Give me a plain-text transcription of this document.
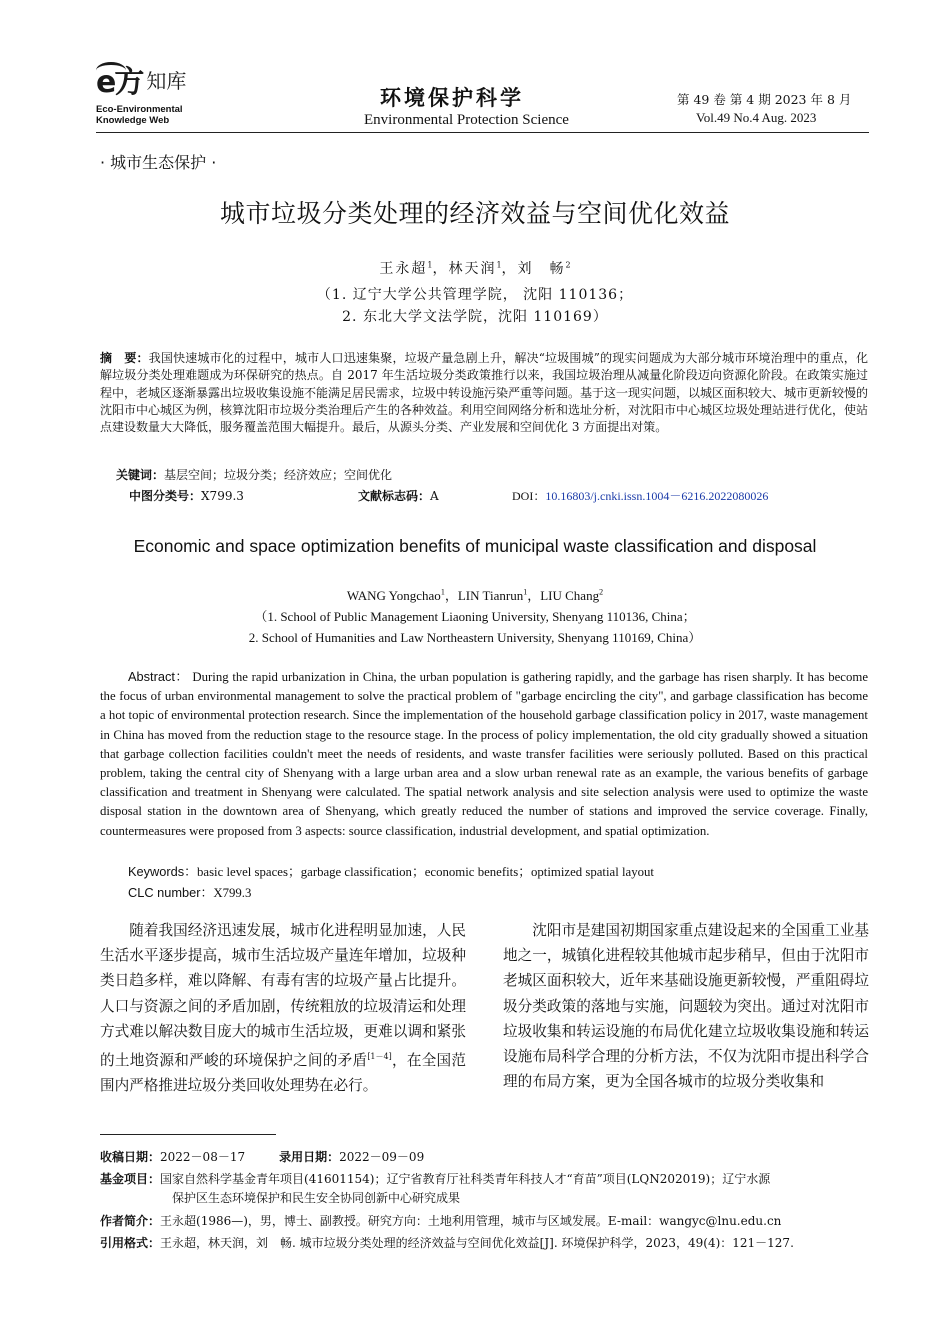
e方 知库
Eco-Environmental
Knowledge Web
环境保护科学
Environmental Protection Science
第 49 卷 第 4 期 2023 年 8 月
Vol.49 No.4 Aug. 2023
· 城市生态保护 ·
城市垃圾分类处理的经济效益与空间优化效益
王永超$^1$，林天润$^1$，刘　畅$^2$
（1. 辽宁大学公共管理学院， 沈阳 110136；
2. 东北大学文法学院，沈阳 110169）
摘　要：我国快速城市化的过程中，城市人口迅速集聚，垃圾产量急剧上升，解决“垃圾围城”的现实问题成为大部分城市环境治理中的重点，化解垃圾分类处理难题成为环保研究的热点。自 2017 年生活垃圾分类政策推行以来，我国垃圾治理从减量化阶段迈向资源化阶段。在政策实施过程中，老城区逐渐暴露出垃圾收集设施不能满足居民需求，垃圾中转设施污染严重等问题。基于这一现实问题，以城区面积较大、城市更新较慢的沈阳市中心城区为例，核算沈阳市垃圾分类治理后产生的各种效益。利用空间网络分析和选址分析，对沈阳市中心城区垃圾处理站进行优化，使站点建设数量大大降低，服务覆盖范围大幅提升。最后，从源头分类、产业发展和空间优化 3 方面提出对策。
关键词：基层空间；垃圾分类；经济效应；空间优化
中图分类号：X799.3	文献标志码：A	DOI：10.16803/j.cnki.issn.1004－6216.2022080026
Economic and space optimization benefits of municipal waste classification and disposal
WANG Yongchao$^1$，LIN Tianrun$^1$，LIU Chang$^2$
（1. School of Public Management Liaoning University, Shenyang 110136, China；
2. School of Humanities and Law Northeastern University, Shenyang 110169, China）
Abstract： During the rapid urbanization in China, the urban population is gathering rapidly, and the garbage has risen sharply. It has become the focus of urban environmental management to solve the practical problem of "garbage encircling the city", and garbage classification has become a hot topic of environmental protection research. Since the implementation of the household garbage classification policy in 2017, waste management in China has moved from the reduction stage to the resource stage. In the process of policy implementation, the old city gradually showed a situation that garbage collection facilities couldn't meet the needs of residents, and waste transfer facilities were seriously polluted. Based on this practical problem, taking the central city of Shenyang with a large urban area and a slow urban renewal rate as an example, the various benefits of garbage classification and treatment in Shenyang were calculated. The spatial network analysis and site selection analysis were used to optimize the waste disposal station in the downtown area of Shenyang, which greatly reduced the number of stations and improved the service coverage. Finally, countermeasures were proposed from 3 aspects: source classification, industrial development, and spatial optimization.
Keywords：basic level spaces；garbage classification；economic benefits；optimized spatial layout
CLC number：X799.3
随着我国经济迅速发展，城市化进程明显加速，人民生活水平逐步提高，城市生活垃圾产量连年增加，垃圾种类日趋多样，难以降解、有毒有害的垃圾产量占比提升。人口与资源之间的矛盾加剧，传统粗放的垃圾清运和处理方式难以解决数目庞大的城市生活垃圾，更难以调和紧张的土地资源和严峻的环境保护之间的矛盾[1－4]，在全国范围内严格推进垃圾分类回收处理势在必行。
沈阳市是建国初期国家重点建设起来的全国重工业基地之一，城镇化进程较其他城市起步稍早，但由于沈阳市老城区面积较大，近年来基础设施更新较慢，严重阻碍垃圾分类政策的落地与实施，问题较为突出。通过对沈阳市垃圾收集和转运设施的布局优化建立垃圾收集设施和转运设施布局科学合理的分析方法，不仅为沈阳市提出科学合理的布局方案，更为全国各城市的垃圾分类收集和
收稿日期：2022－08－17	录用日期：2022－09－09
基金项目：国家自然科学基金青年项目(41601154)；辽宁省教育厅社科类青年科技人才“育苗”项目(LQN202019)；辽宁水源
保护区生态环境保护和民生安全协同创新中心研究成果
作者简介：王永超(1986—)，男，博士、副教授。研究方向：土地利用管理，城市与区域发展。E-mail：wangyc@lnu.edu.cn
引用格式：王永超，林天润，刘　畅. 城市垃圾分类处理的经济效益与空间优化效益[J]. 环境保护科学，2023，49(4)：121－127.
